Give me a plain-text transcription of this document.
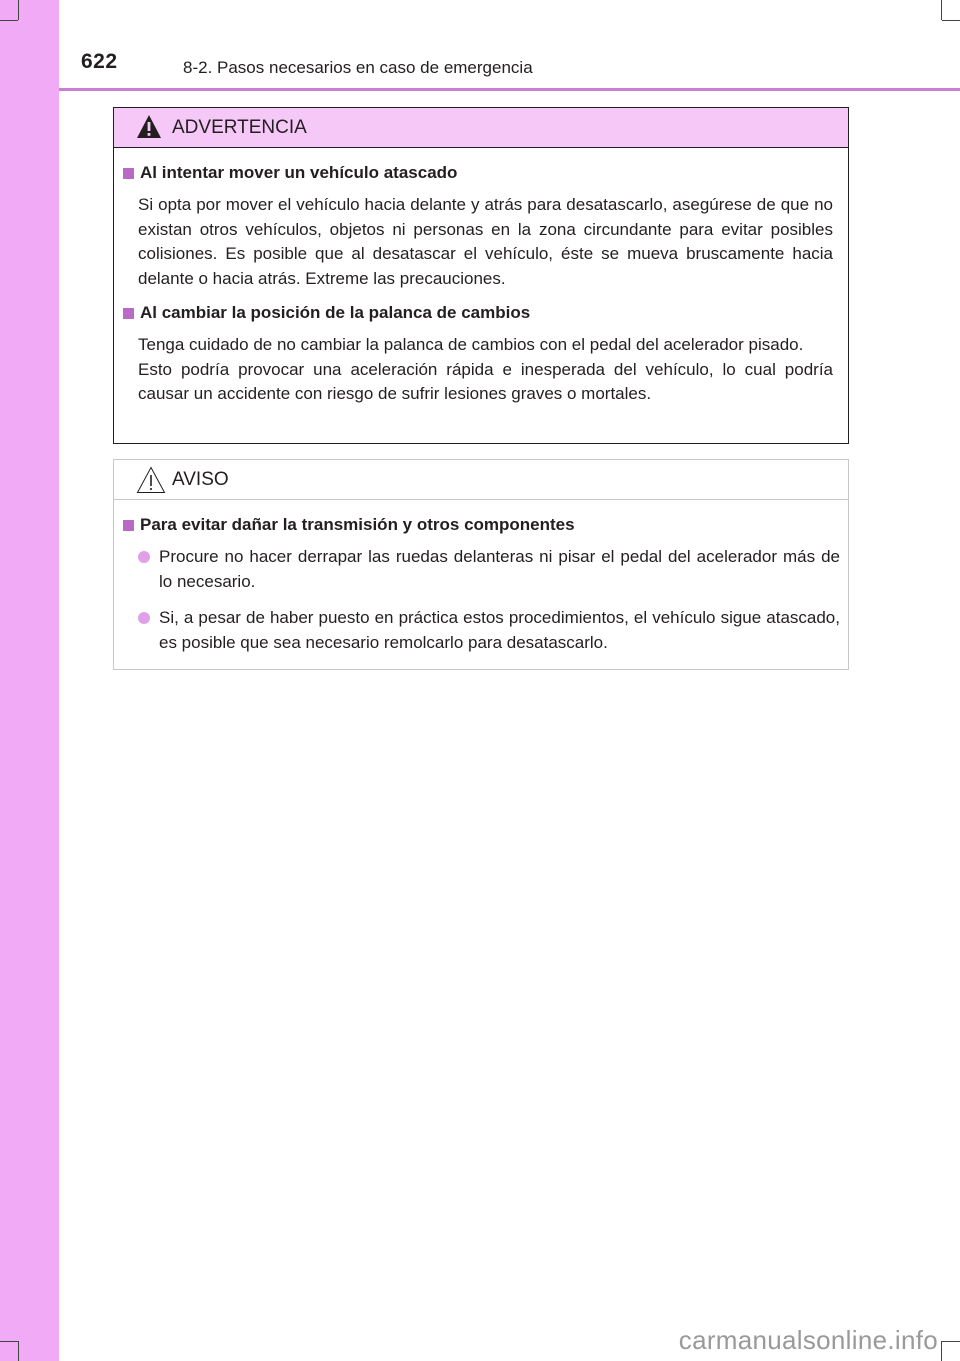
622	8-2. Pasos necesarios en caso de emergencia
ADVERTENCIA
Al intentar mover un vehículo atascado
Si opta por mover el vehículo hacia delante y atrás para desatascarlo, asegúrese de que no existan otros vehículos, objetos ni personas en la zona circundante para evitar posibles colisiones. Es posible que al desatascar el vehículo, éste se mueva bruscamente hacia delante o hacia atrás. Extreme las precauciones.
Al cambiar la posición de la palanca de cambios
Tenga cuidado de no cambiar la palanca de cambios con el pedal del acelerador pisado.
Esto podría provocar una aceleración rápida e inesperada del vehículo, lo cual podría causar un accidente con riesgo de sufrir lesiones graves o mortales.
AVISO
Para evitar dañar la transmisión y otros componentes
Procure no hacer derrapar las ruedas delanteras ni pisar el pedal del acelerador más de lo necesario.
Si, a pesar de haber puesto en práctica estos procedimientos, el vehículo sigue atascado, es posible que sea necesario remolcarlo para desatascarlo.
carmanualsonline.info
